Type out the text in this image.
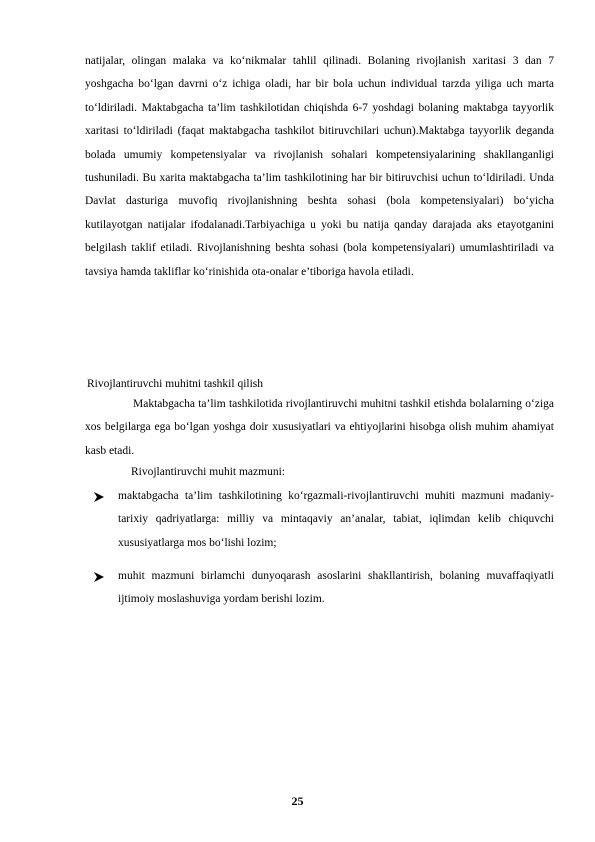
natijalar, olingan malaka va ko‘nikmalar tahlil qilinadi. Bolaning rivojlanish xaritasi 3 dan 7 yoshgacha bo‘lgan davrni o‘z ichiga oladi, har bir bola uchun individual tarzda yiliga uch marta to‘ldiriladi. Maktabgacha ta’lim tashkilotidan chiqishda 6-7 yoshdagi bolaning maktabga tayyorlik xaritasi to‘ldiriladi (faqat maktabgacha tashkilot bitiruvchilari uchun).Maktabga tayyorlik deganda bolada umumiy kompetensiyalar va rivojlanish sohalari kompetensiyalarining shakllanganligi tushuniladi. Bu xarita maktabgacha ta’lim tashkilotining har bir bitiruvchisi uchun to‘ldiriladi. Unda Davlat dasturiga muvofiq rivojlanishning beshta sohasi (bola kompetensiyalari) bo‘yicha kutilayotgan natijalar ifodalanadi.Tarbiyachiga u yoki bu natija qanday darajada aks etayotganini belgilash taklif etiladi. Rivojlanishning beshta sohasi (bola kompetensiyalari) umumlashtiriladi va tavsiya hamda takliflar ko‘rinishida ota-onalar e’tiboriga havola etiladi.

Rivojlantiruvchi muhitni tashkil qilish

Maktabgacha ta’lim tashkilotida rivojlantiruvchi muhitni tashkil etishda bolalarning o‘ziga xos belgilarga ega bo‘lgan yoshga doir xususiyatlari va ehtiyojlarini hisobga olish muhim ahamiyat kasb etadi.

Rivojlantiruvchi muhit mazmuni:

maktabgacha ta’lim tashkilotining ko‘rgazmali-rivojlantiruvchi muhiti mazmuni madaniy-tarixiy qadriyatlarga: milliy va mintaqaviy an’analar, tabiat, iqlimdan kelib chiquvchi xususiyatlarga mos bo‘lishi lozim;

muhit mazmuni birlamchi dunyoqarash asoslarini shakllantirish, bolaning muvaffaqiyatli ijtimoiy moslashuviga yordam berishi lozim.

25
